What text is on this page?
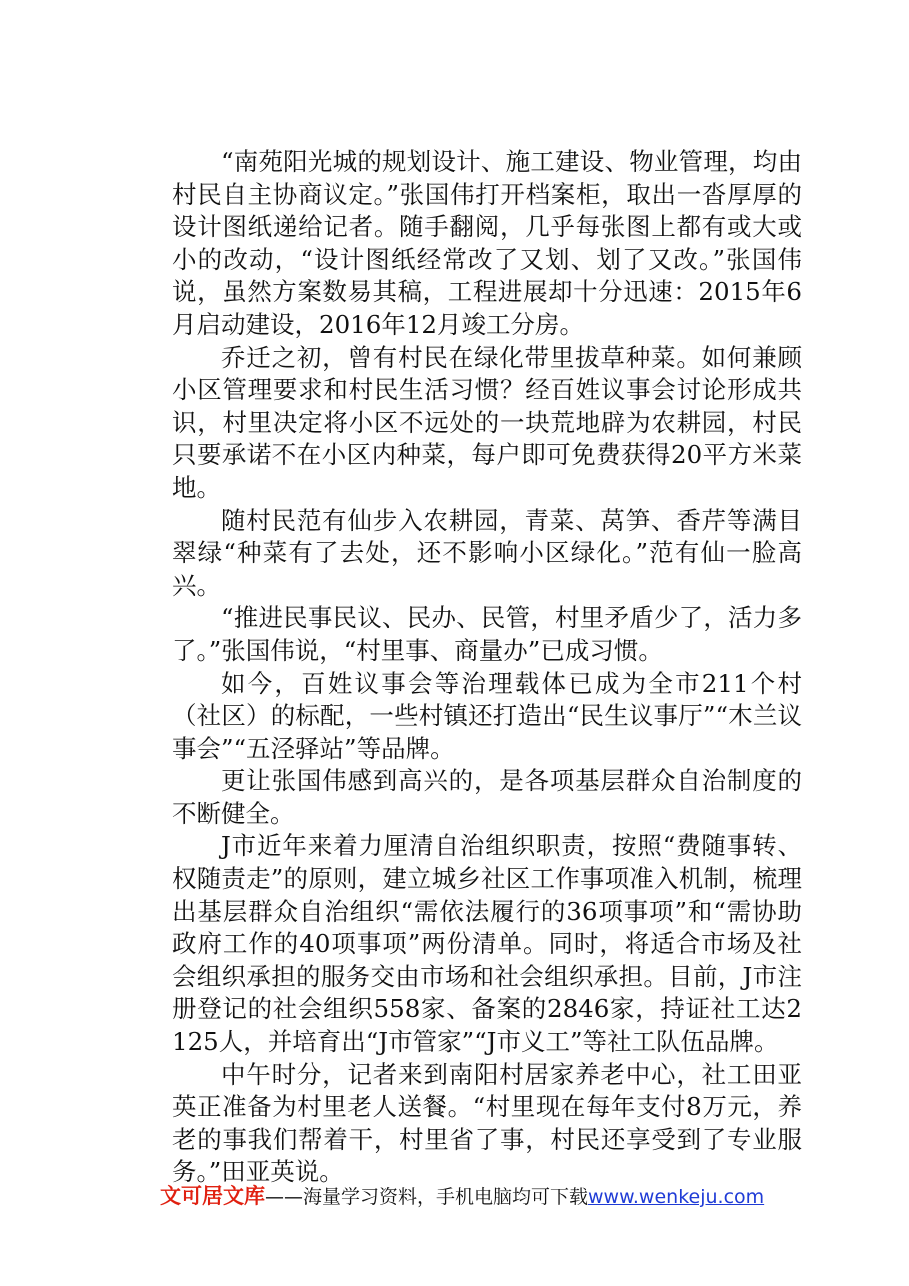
“南苑阳光城的规划设计、施工建设、物业管理，均由村民自主协商议定。”张国伟打开档案柜，取出一沓厚厚的设计图纸递给记者。随手翻阅，几乎每张图上都有或大或小的改动，“设计图纸经常改了又划、划了又改。”张国伟说，虽然方案数易其稿，工程进展却十分迅速：2015年6月启动建设，2016年12月竣工分房。

乔迁之初，曾有村民在绿化带里拔草种菜。如何兼顾小区管理要求和村民生活习惯？经百姓议事会讨论形成共识，村里决定将小区不远处的一块荒地辟为农耕园，村民只要承诺不在小区内种菜，每户即可免费获得20平方米菜地。

随村民范有仙步入农耕园，青菜、莴笋、香芹等满目翠绿“种菜有了去处，还不影响小区绿化。”范有仙一脸高兴。

“推进民事民议、民办、民管，村里矛盾少了，活力多了。”张国伟说，“村里事、商量办”已成习惯。

如今，百姓议事会等治理载体已成为全市211个村（社区）的标配，一些村镇还打造出“民生议事厅”“木兰议事会”“五泾驿站”等品牌。

更让张国伟感到高兴的，是各项基层群众自治制度的不断健全。

J市近年来着力厘清自治组织职责，按照“费随事转、权随责走”的原则，建立城乡社区工作事项准入机制，梳理出基层群众自治组织“需依法履行的36项事项”和“需协助政府工作的40项事项”两份清单。同时，将适合市场及社会组织承担的服务交由市场和社会组织承担。目前，J市注册登记的社会组织558家、备案的2846家，持证社工达2125人，并培育出“J市管家”“J市义工”等社工队伍品牌。

中午时分，记者来到南阳村居家养老中心，社工田亚英正准备为村里老人送餐。“村里现在每年支付8万元，养老的事我们帮着干，村里省了事，村民还享受到了专业服务。”田亚英说。

文可居文库——海量学习资料，手机电脑均可下载www.wenkeju.com
